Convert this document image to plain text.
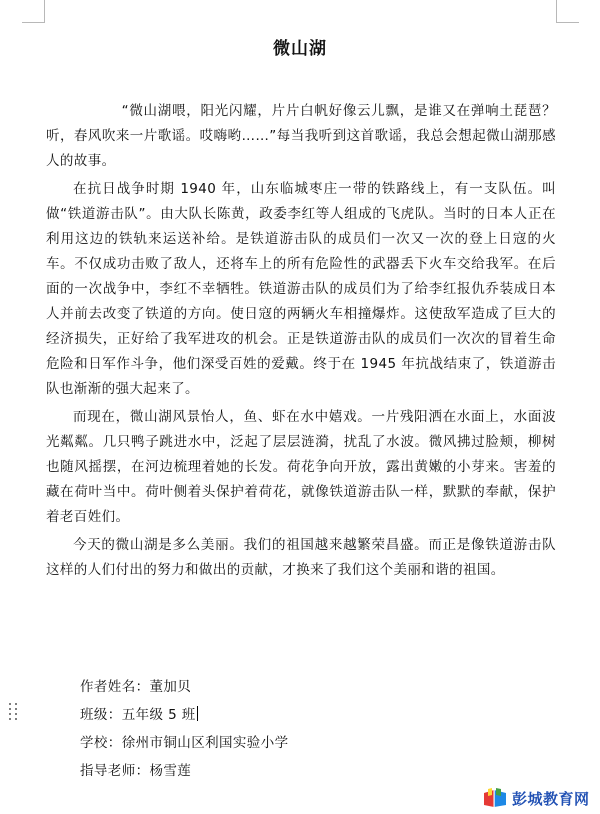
微山湖

“微山湖喂，阳光闪耀，片片白帆好像云儿飘，是谁又在弹响土琵琶？听，春风吹来一片歌谣。哎嗨哟……”每当我听到这首歌谣，我总会想起微山湖那感人的故事。

在抗日战争时期 1940 年，山东临城枣庄一带的铁路线上，有一支队伍。叫做“铁道游击队”。由大队长陈黄，政委李红等人组成的飞虎队。当时的日本人正在利用这边的铁轨来运送补给。是铁道游击队的成员们一次又一次的登上日寇的火车。不仅成功击败了敌人，还将车上的所有危险性的武器丢下火车交给我军。在后面的一次战争中，李红不幸牺牲。铁道游击队的成员们为了给李红报仇乔装成日本人并前去改变了铁道的方向。使日寇的两辆火车相撞爆炸。这使敌军造成了巨大的经济损失，正好给了我军进攻的机会。正是铁道游击队的成员们一次次的冒着生命危险和日军作斗争，他们深受百姓的爱戴。终于在 1945 年抗战结束了，铁道游击队也渐渐的强大起来了。

而现在，微山湖风景怡人，鱼、虾在水中嬉戏。一片残阳洒在水面上，水面波光粼粼。几只鸭子跳进水中，泛起了层层涟漪，扰乱了水波。微风拂过脸颊，柳树也随风摇摆，在河边梳理着她的长发。荷花争向开放，露出黄嫩的小芽来。害羞的藏在荷叶当中。荷叶侧着头保护着荷花，就像铁道游击队一样，默默的奉献，保护着老百姓们。

今天的微山湖是多么美丽。我们的祖国越来越繁荣昌盛。而正是像铁道游击队这样的人们付出的努力和做出的贡献，才换来了我们这个美丽和谐的祖国。

作者姓名：董加贝
班级：五年级 5 班
学校：徐州市铜山区利国实验小学
指导老师：杨雪莲
彭城教育网
